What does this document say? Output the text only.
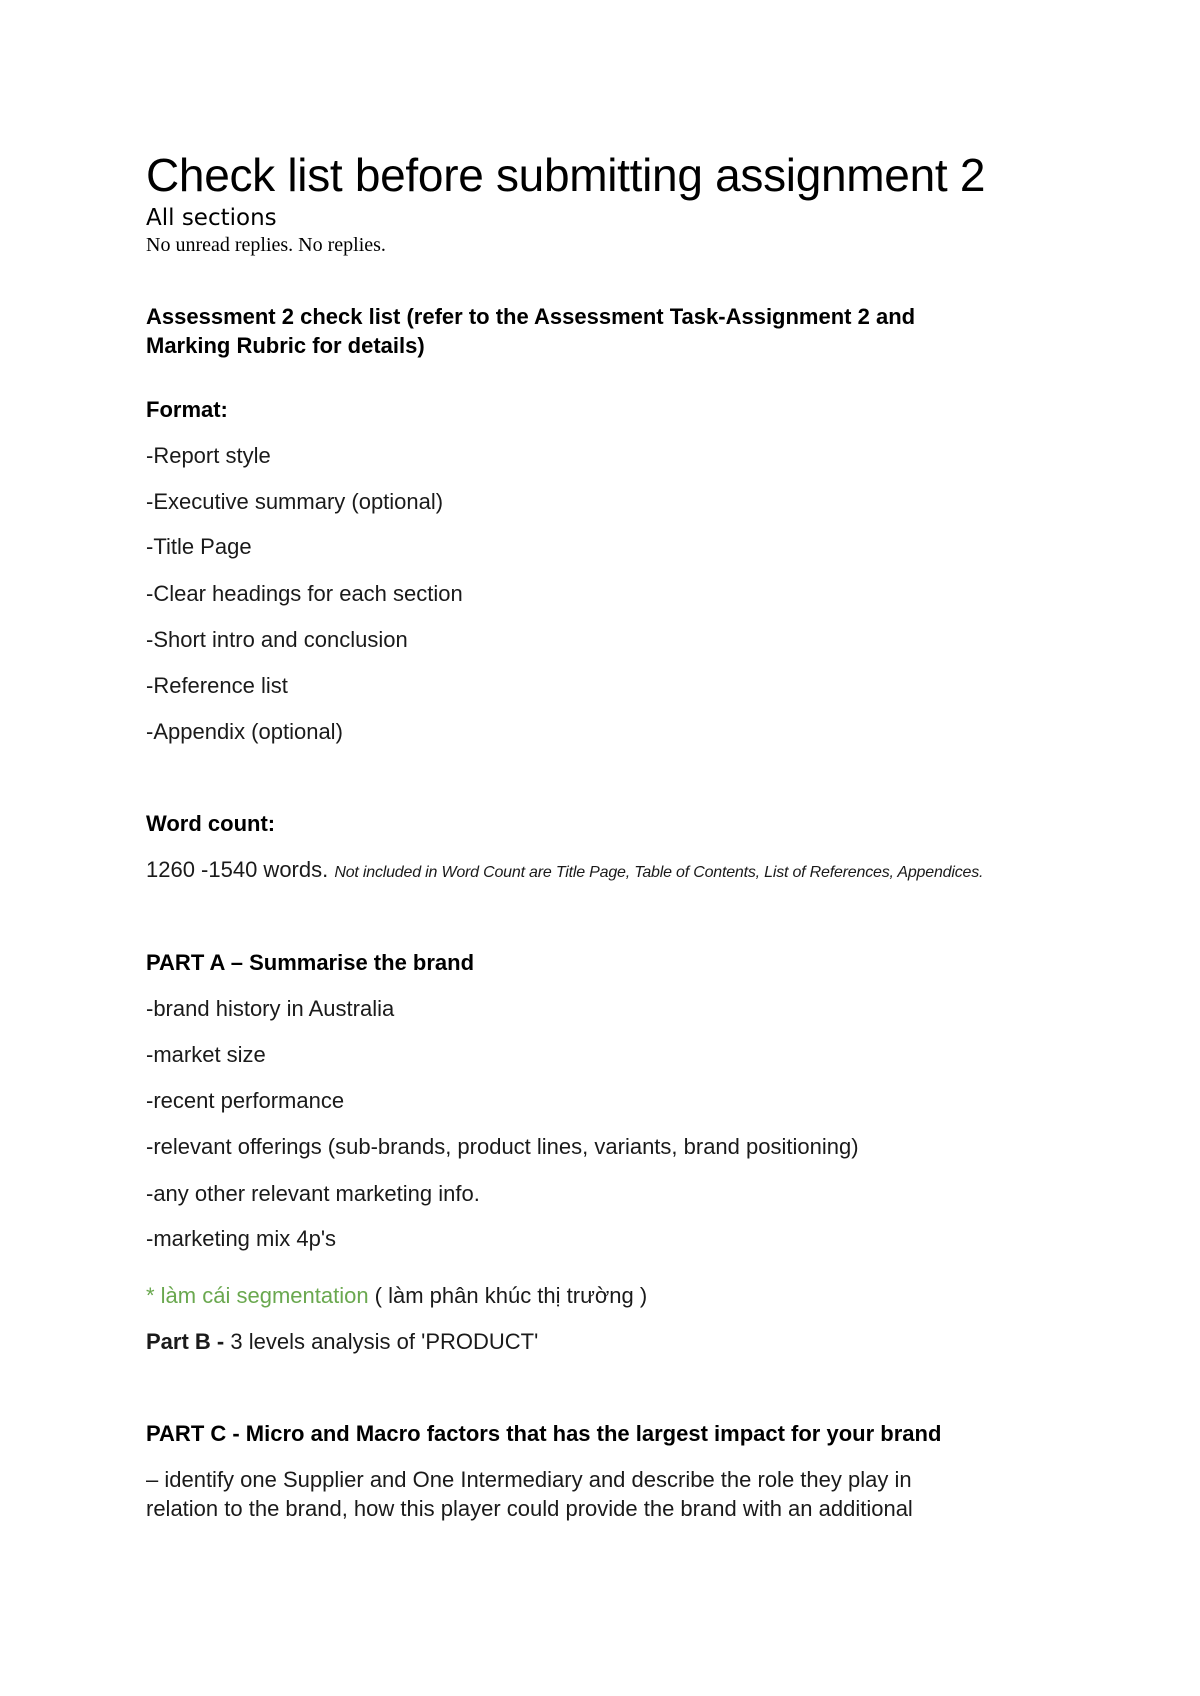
Check list before submitting assignment 2
All sections
No unread replies. No replies.
Assessment 2 check list (refer to the Assessment Task-Assignment 2 and
Marking Rubric for details)
Format:
-Report style
-Executive summary (optional)
-Title Page
-Clear headings for each section
-Short intro and conclusion
-Reference list
-Appendix (optional)
Word count:
1260 -1540 words. Not included in Word Count are Title Page, Table of Contents, List of References, Appendices.
PART A – Summarise the brand
-brand history in Australia
-market size
-recent performance
-relevant offerings (sub-brands, product lines, variants, brand positioning)
-any other relevant marketing info.
-marketing mix 4p's
* làm cái segmentation ( làm phân khúc thị trường )
Part B - 3 levels analysis of 'PRODUCT'
PART C - Micro and Macro factors that has the largest impact for your brand
– identify one Supplier and One Intermediary and describe the role they play in
relation to the brand, how this player could provide the brand with an additional
